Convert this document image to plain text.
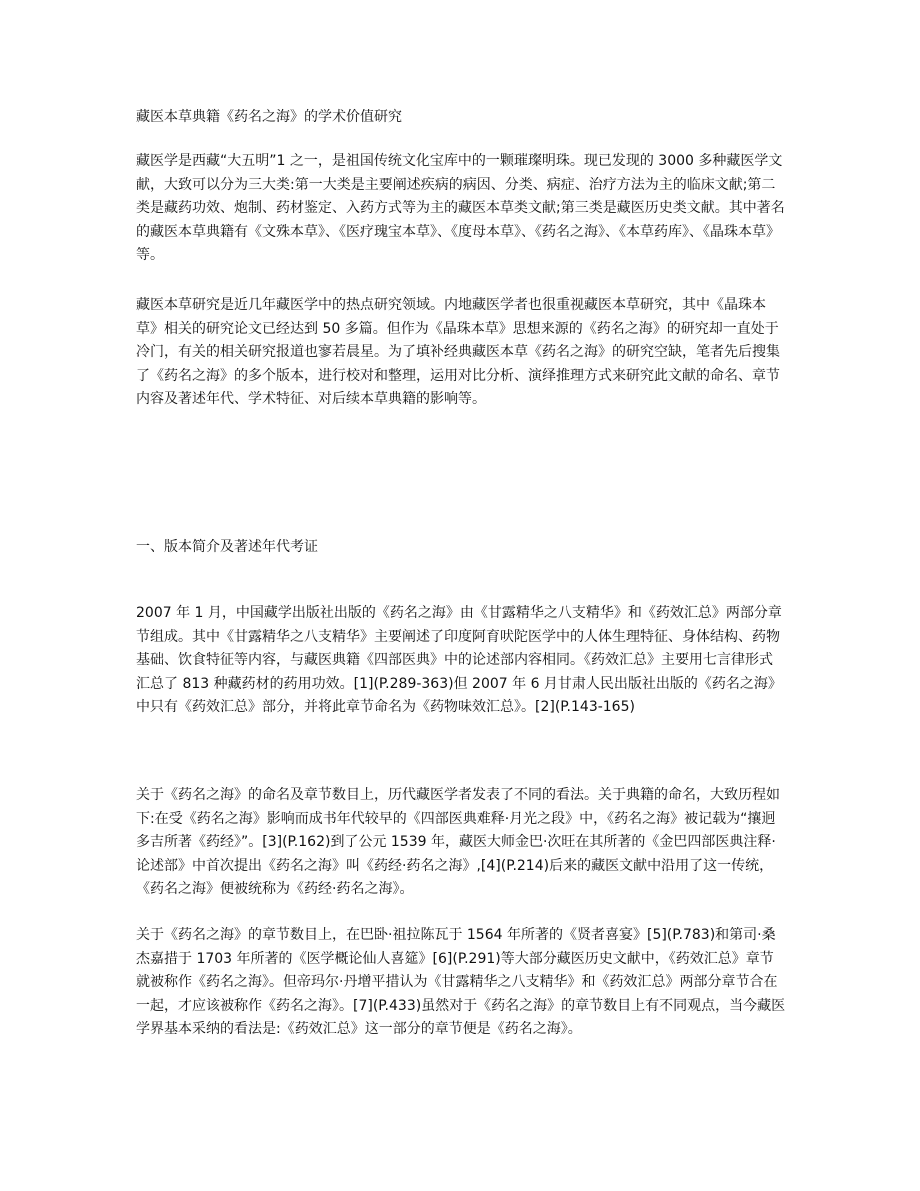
藏医本草典籍《药名之海》的学术价值研究

藏医学是西藏“大五明”1 之一，是祖国传统文化宝库中的一颗璀璨明珠。现已发现的 3000 多种藏医学文献，大致可以分为三大类:第一大类是主要阐述疾病的病因、分类、病症、治疗方法为主的临床文献;第二类是藏药功效、炮制、药材鉴定、入药方式等为主的藏医本草类文献;第三类是藏医历史类文献。其中著名的藏医本草典籍有《文殊本草》、《医疗瑰宝本草》、《度母本草》、《药名之海》、《本草药库》、《晶珠本草》等。

藏医本草研究是近几年藏医学中的热点研究领域。内地藏医学者也很重视藏医本草研究，其中《晶珠本草》相关的研究论文已经达到 50 多篇。但作为《晶珠本草》思想来源的《药名之海》的研究却一直处于冷门，有关的相关研究报道也寥若晨星。为了填补经典藏医本草《药名之海》的研究空缺，笔者先后搜集了《药名之海》的多个版本，进行校对和整理，运用对比分析、演绎推理方式来研究此文献的命名、章节内容及著述年代、学术特征、对后续本草典籍的影响等。

一、版本简介及著述年代考证

2007 年 1 月，中国藏学出版社出版的《药名之海》由《甘露精华之八支精华》和《药效汇总》两部分章节组成。其中《甘露精华之八支精华》主要阐述了印度阿育吠陀医学中的人体生理特征、身体结构、药物基础、饮食特征等内容，与藏医典籍《四部医典》中的论述部内容相同。《药效汇总》主要用七言律形式汇总了 813 种藏药材的药用功效。[1](P.289-363)但 2007 年 6 月甘肃人民出版社出版的《药名之海》中只有《药效汇总》部分，并将此章节命名为《药物味效汇总》。[2](P.143-165)

关于《药名之海》的命名及章节数目上，历代藏医学者发表了不同的看法。关于典籍的命名，大致历程如下:在受《药名之海》影响而成书年代较早的《四部医典难释·月光之段》中，《药名之海》被记载为“攘迥多吉所著《药经》”。[3](P.162)到了公元 1539 年，藏医大师金巴·次旺在其所著的《金巴四部医典注释·论述部》中首次提出《药名之海》叫《药经·药名之海》,[4](P.214)后来的藏医文献中沿用了这一传统，《药名之海》便被统称为《药经·药名之海》。

关于《药名之海》的章节数目上，在巴卧·祖拉陈瓦于 1564 年所著的《贤者喜宴》[5](P.783)和第司·桑杰嘉措于 1703 年所著的《医学概论仙人喜筵》[6](P.291)等大部分藏医历史文献中，《药效汇总》章节就被称作《药名之海》。但帝玛尔·丹增平措认为《甘露精华之八支精华》和《药效汇总》两部分章节合在一起，才应该被称作《药名之海》。[7](P.433)虽然对于《药名之海》的章节数目上有不同观点，当今藏医学界基本采纳的看法是:《药效汇总》这一部分的章节便是《药名之海》。
